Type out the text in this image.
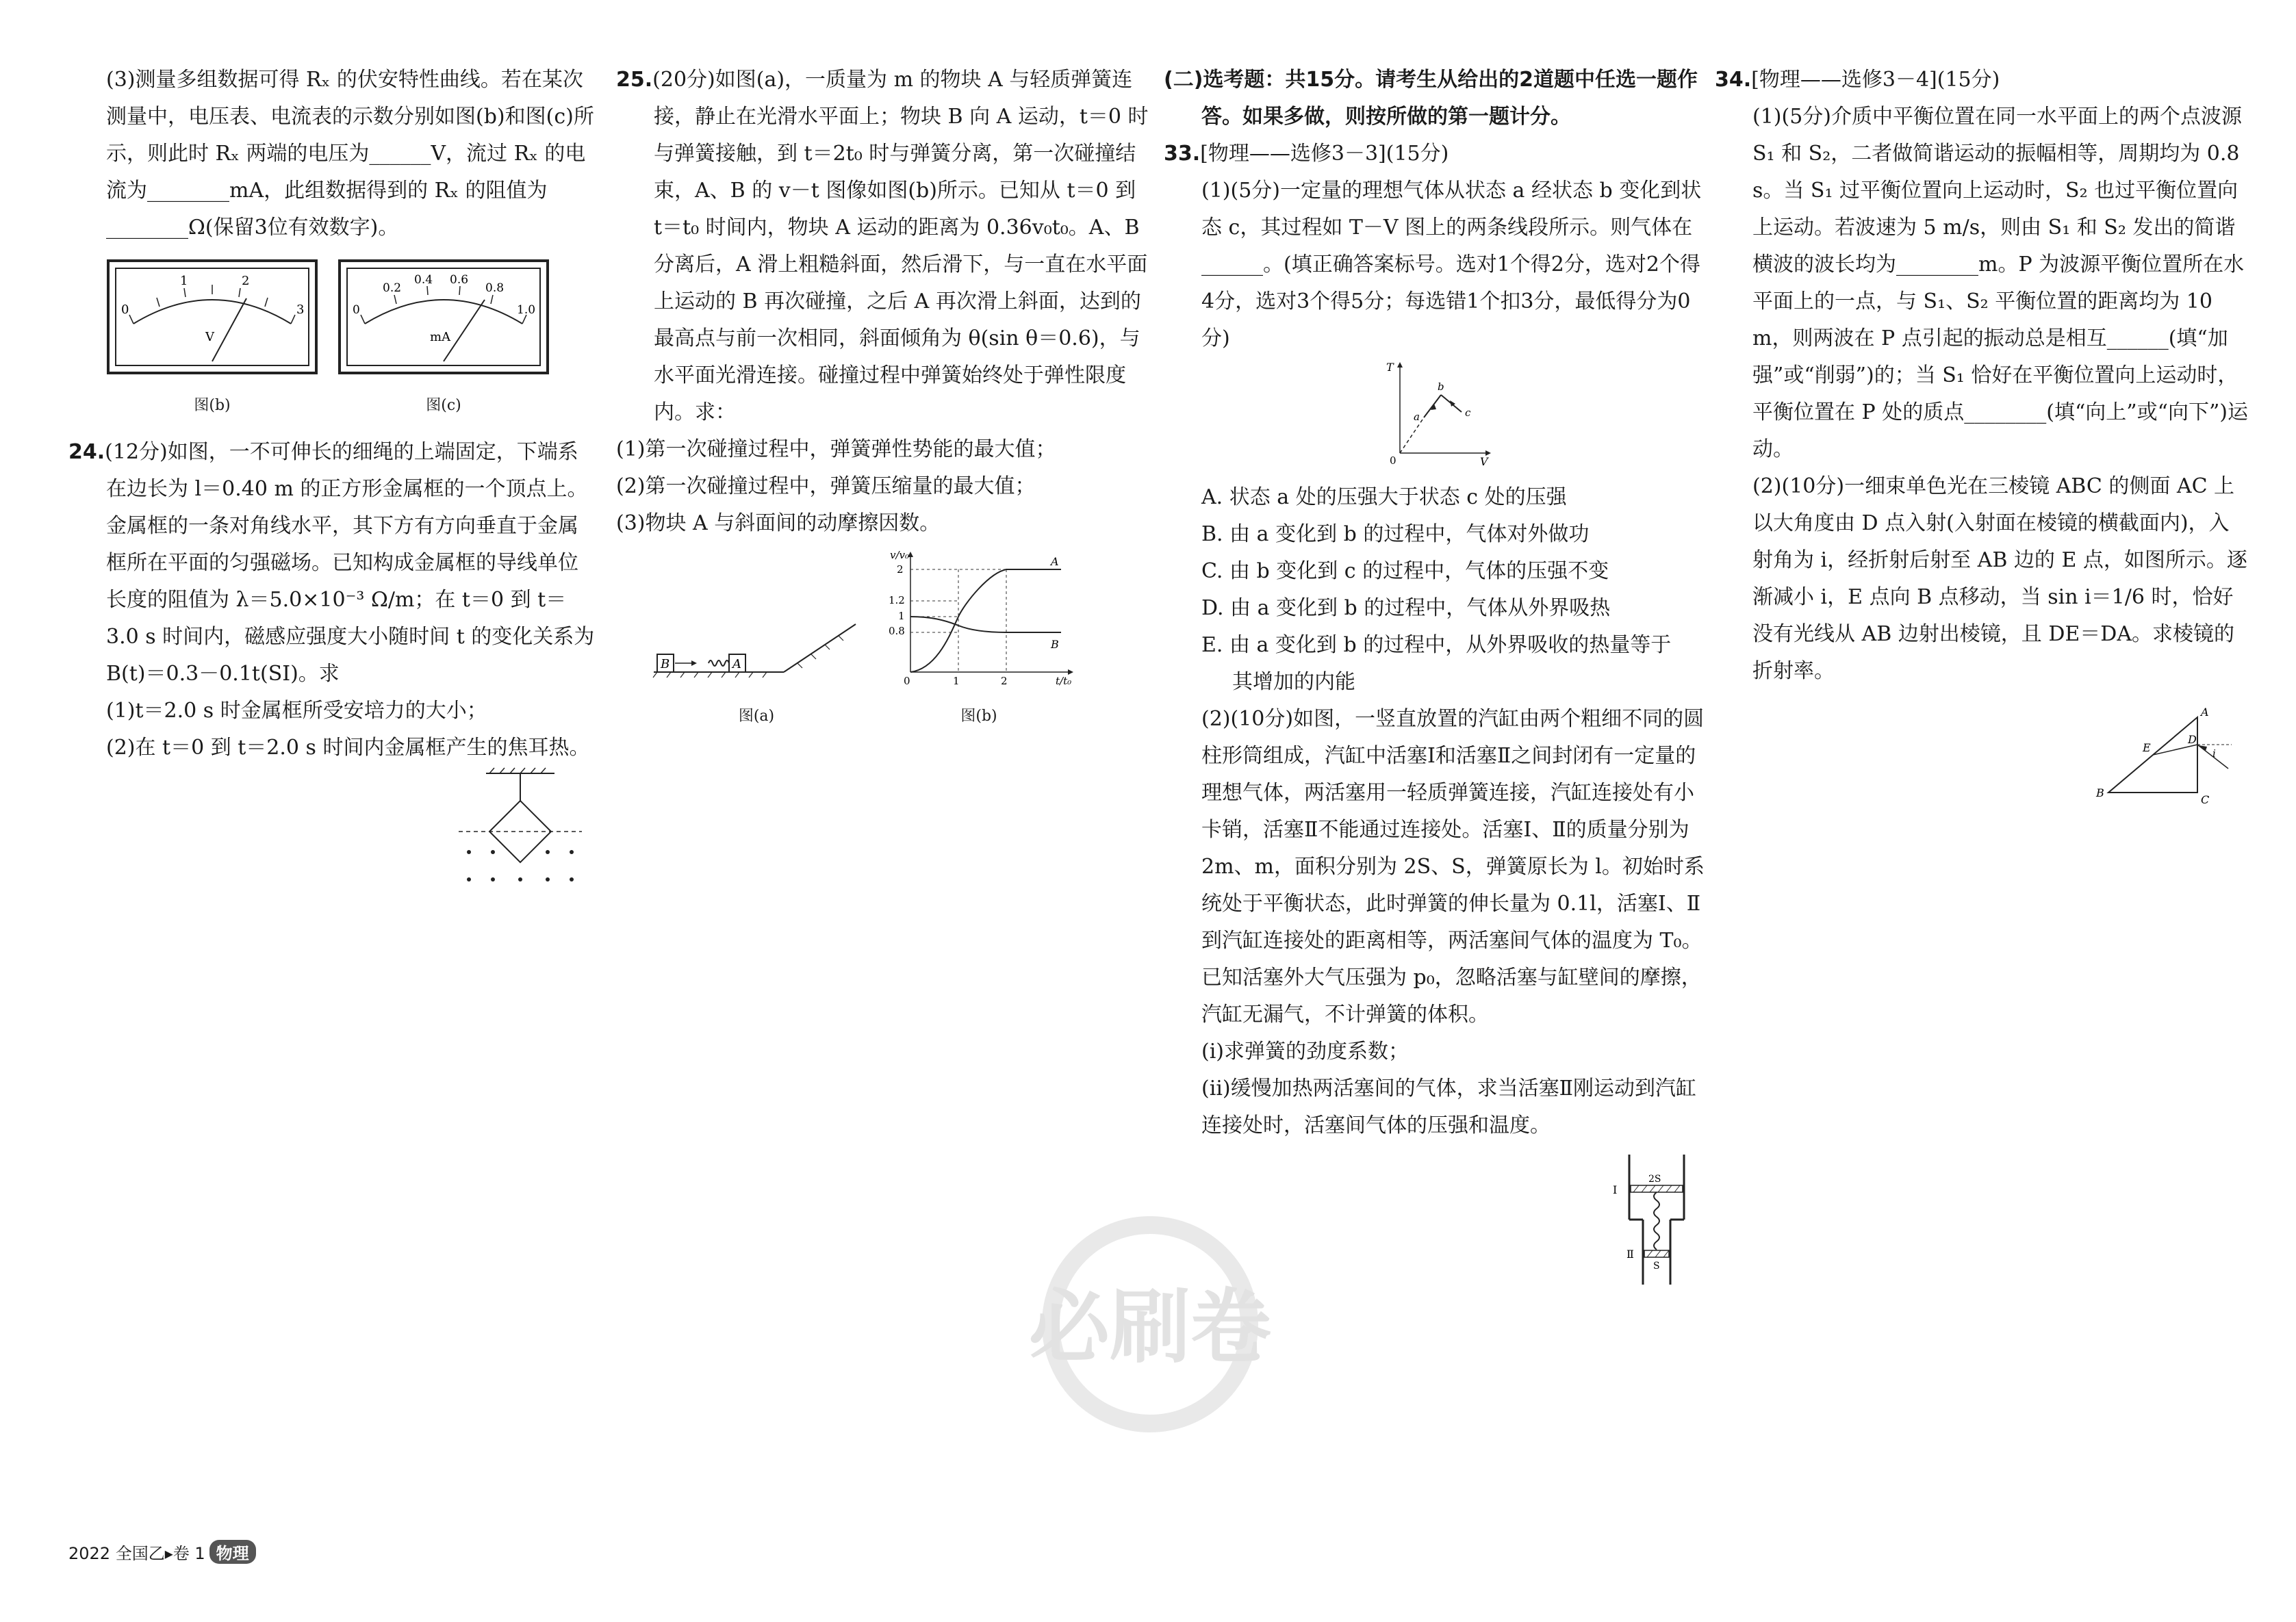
(3)测量多组数据可得 Rₓ 的伏安特性曲线。若在某次测量中，电压表、电流表的示数分别如图(b)和图(c)所示，则此时 Rₓ 两端的电压为______V，流过 Rₓ 的电流为________mA，此组数据得到的 Rₓ 的阻值为________Ω(保留3位有效数字)。

0
1	2
3
V
图(b)
0
0.2
0.4 0.6
0.8
1.0
mA
图(c)

24.(12分)如图，一不可伸长的细绳的上端固定，下端系在边长为 l＝0.40 m 的正方形金属框的一个顶点上。金属框的一条对角线水平，其下方有方向垂直于金属框所在平面的匀强磁场。已知构成金属框的导线单位长度的阻值为 λ＝5.0×10⁻³ Ω/m；在 t＝0 到 t＝3.0 s 时间内，磁感应强度大小随时间 t 的变化关系为 B(t)＝0.3－0.1t(SI)。求

(1)t＝2.0 s 时金属框所受安培力的大小；

(2)在 t＝0 到 t＝2.0 s 时间内金属框产生的焦耳热。

25.(20分)如图(a)，一质量为 m 的物块 A 与轻质弹簧连接，静止在光滑水平面上；物块 B 向 A 运动，t＝0 时与弹簧接触，到 t＝2t₀ 时与弹簧分离，第一次碰撞结束，A、B 的 v－t 图像如图(b)所示。已知从 t＝0 到 t＝t₀ 时间内，物块 A 运动的距离为 0.36v₀t₀。A、B 分离后，A 滑上粗糙斜面，然后滑下，与一直在水平面上运动的 B 再次碰撞，之后 A 再次滑上斜面，达到的最高点与前一次相同，斜面倾角为 θ(sin θ＝0.6)，与水平面光滑连接。碰撞过程中弹簧始终处于弹性限度内。求：

(1)第一次碰撞过程中，弹簧弹性势能的最大值；

(2)第一次碰撞过程中，弹簧压缩量的最大值；

(3)物块 A 与斜面间的动摩擦因数。

B	A
图(a)
v/v₀
t/t₀
2
1.2
1
0.8
0	1	2
A
B
图(b)

(二)选考题：共15分。请考生从给出的2道题中任选一题作答。如果多做，则按所做的第一题计分。

33.[物理——选修3－3](15分)

(1)(5分)一定量的理想气体从状态 a 经状态 b 变化到状态 c，其过程如 T－V 图上的两条线段所示。则气体在______。(填正确答案标号。选对1个得2分，选对2个得4分，选对3个得5分；每选错1个扣3分，最低得分为0分)

T
V
0
a
b
c

A. 状态 a 处的压强大于状态 c 处的压强

B. 由 a 变化到 b 的过程中，气体对外做功

C. 由 b 变化到 c 的过程中，气体的压强不变

D. 由 a 变化到 b 的过程中，气体从外界吸热

E. 由 a 变化到 b 的过程中，从外界吸收的热量等于

其增加的内能

(2)(10分)如图，一竖直放置的汽缸由两个粗细不同的圆柱形筒组成，汽缸中活塞Ⅰ和活塞Ⅱ之间封闭有一定量的理想气体，两活塞用一轻质弹簧连接，汽缸连接处有小卡销，活塞Ⅱ不能通过连接处。活塞Ⅰ、Ⅱ的质量分别为 2m、m，面积分别为 2S、S，弹簧原长为 l。初始时系统处于平衡状态，此时弹簧的伸长量为 0.1l，活塞Ⅰ、Ⅱ到汽缸连接处的距离相等，两活塞间气体的温度为 T₀。已知活塞外大气压强为 p₀，忽略活塞与缸壁间的摩擦，汽缸无漏气，不计弹簧的体积。

(ⅰ)求弹簧的劲度系数；

(ⅱ)缓慢加热两活塞间的气体，求当活塞Ⅱ刚运动到汽缸连接处时，活塞间气体的压强和温度。

2S
Ⅰ
Ⅱ
S

34.[物理——选修3－4](15分)

(1)(5分)介质中平衡位置在同一水平面上的两个点波源 S₁ 和 S₂，二者做简谐运动的振幅相等，周期均为 0.8 s。当 S₁ 过平衡位置向上运动时，S₂ 也过平衡位置向上运动。若波速为 5 m/s，则由 S₁ 和 S₂ 发出的简谐横波的波长均为________m。P 为波源平衡位置所在水平面上的一点，与 S₁、S₂ 平衡位置的距离均为 10 m，则两波在 P 点引起的振动总是相互______(填“加强”或“削弱”)的；当 S₁ 恰好在平衡位置向上运动时，平衡位置在 P 处的质点________(填“向上”或“向下”)运动。

(2)(10分)一细束单色光在三棱镜 ABC 的侧面 AC 上以大角度由 D 点入射(入射面在棱镜的横截面内)，入射角为 i，经折射后射至 AB 边的 E 点，如图所示。逐渐减小 i，E 点向 B 点移动，当 sin i＝1/6 时，恰好没有光线从 AB 边射出棱镜，且 DE＝DA。求棱镜的折射率。

A
B
C
D
E	i
必刷卷
2022 全国乙▸卷 1 物理
